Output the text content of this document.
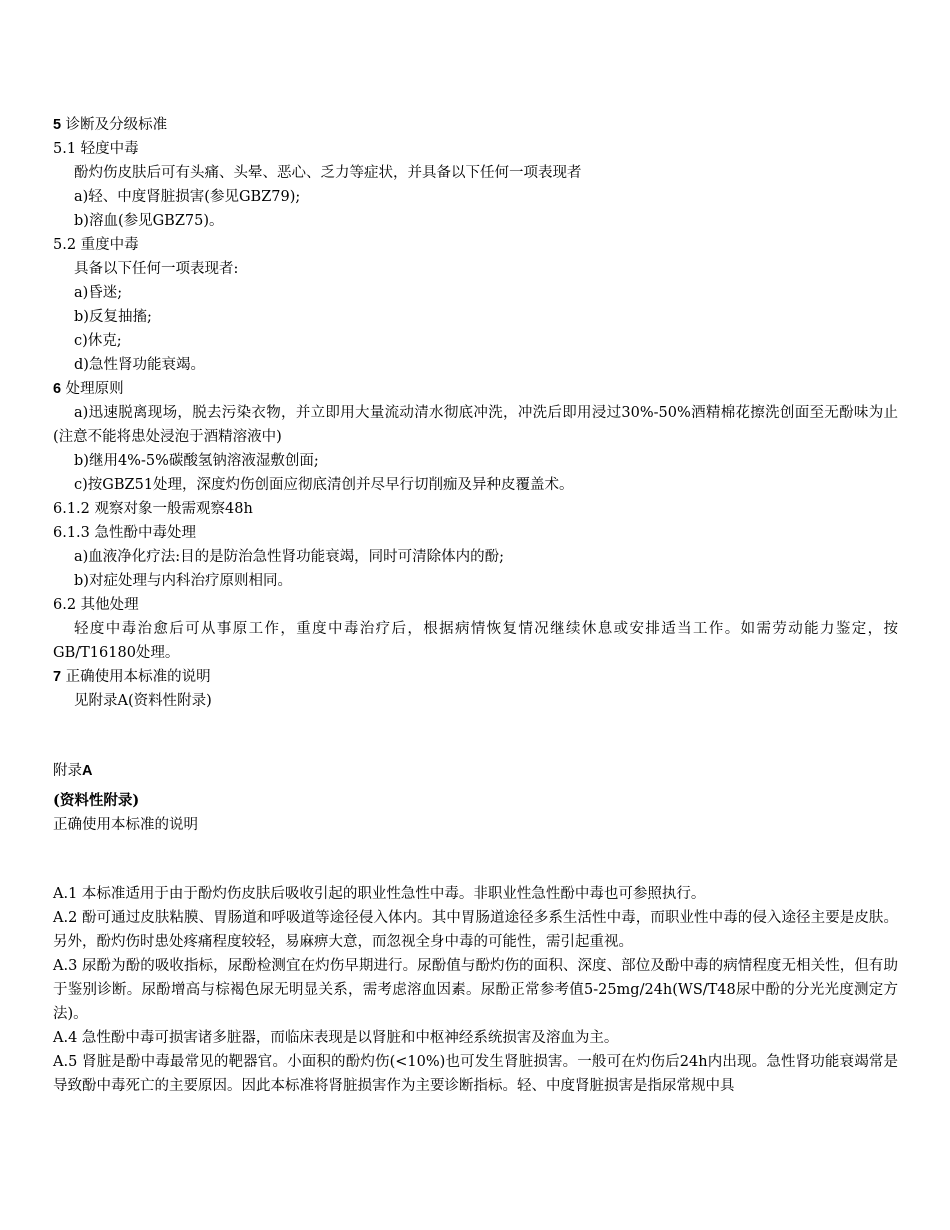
5 诊断及分级标准
5.1 轻度中毒
酚灼伤皮肤后可有头痛、头晕、恶心、乏力等症状，并具备以下任何一项表现者
a)轻、中度肾脏损害(参见GBZ79);
b)溶血(参见GBZ75)。
5.2 重度中毒
具备以下任何一项表现者:
a)昏迷;
b)反复抽搐;
c)休克;
d)急性肾功能衰竭。
6 处理原则
a)迅速脱离现场，脱去污染衣物，并立即用大量流动清水彻底冲洗，冲洗后即用浸过30%-50%酒精棉花擦洗创面至无酚味为止(注意不能将患处浸泡于酒精溶液中)
b)继用4%-5%碳酸氢钠溶液湿敷创面;
c)按GBZ51处理，深度灼伤创面应彻底清创并尽早行切削痂及异种皮覆盖术。
6.1.2 观察对象一般需观察48h
6.1.3 急性酚中毒处理
a)血液净化疗法:目的是防治急性肾功能衰竭，同时可清除体内的酚;
b)对症处理与内科治疗原则相同。
6.2 其他处理
轻度中毒治愈后可从事原工作，重度中毒治疗后，根据病情恢复情况继续休息或安排适当工作。如需劳动能力鉴定，按GB/T16180处理。
7 正确使用本标准的说明
见附录A(资料性附录)
附录A
(资料性附录)
正确使用本标准的说明
A.1 本标准适用于由于酚灼伤皮肤后吸收引起的职业性急性中毒。非职业性急性酚中毒也可参照执行。
A.2 酚可通过皮肤粘膜、胃肠道和呼吸道等途径侵入体内。其中胃肠道途径多系生活性中毒，而职业性中毒的侵入途径主要是皮肤。另外，酚灼伤时患处疼痛程度较轻，易麻痹大意，而忽视全身中毒的可能性，需引起重视。
A.3 尿酚为酚的吸收指标，尿酚检测宜在灼伤早期进行。尿酚值与酚灼伤的面积、深度、部位及酚中毒的病情程度无相关性，但有助于鉴别诊断。尿酚增高与棕褐色尿无明显关系，需考虑溶血因素。尿酚正常参考值5-25mg/24h(WS/T48尿中酚的分光光度测定方法)。
A.4 急性酚中毒可损害诸多脏器，而临床表现是以肾脏和中枢神经系统损害及溶血为主。
A.5 肾脏是酚中毒最常见的靶器官。小面积的酚灼伤(<10%)也可发生肾脏损害。一般可在灼伤后24h内出现。急性肾功能衰竭常是导致酚中毒死亡的主要原因。因此本标准将肾脏损害作为主要诊断指标。轻、中度肾脏损害是指尿常规中具
